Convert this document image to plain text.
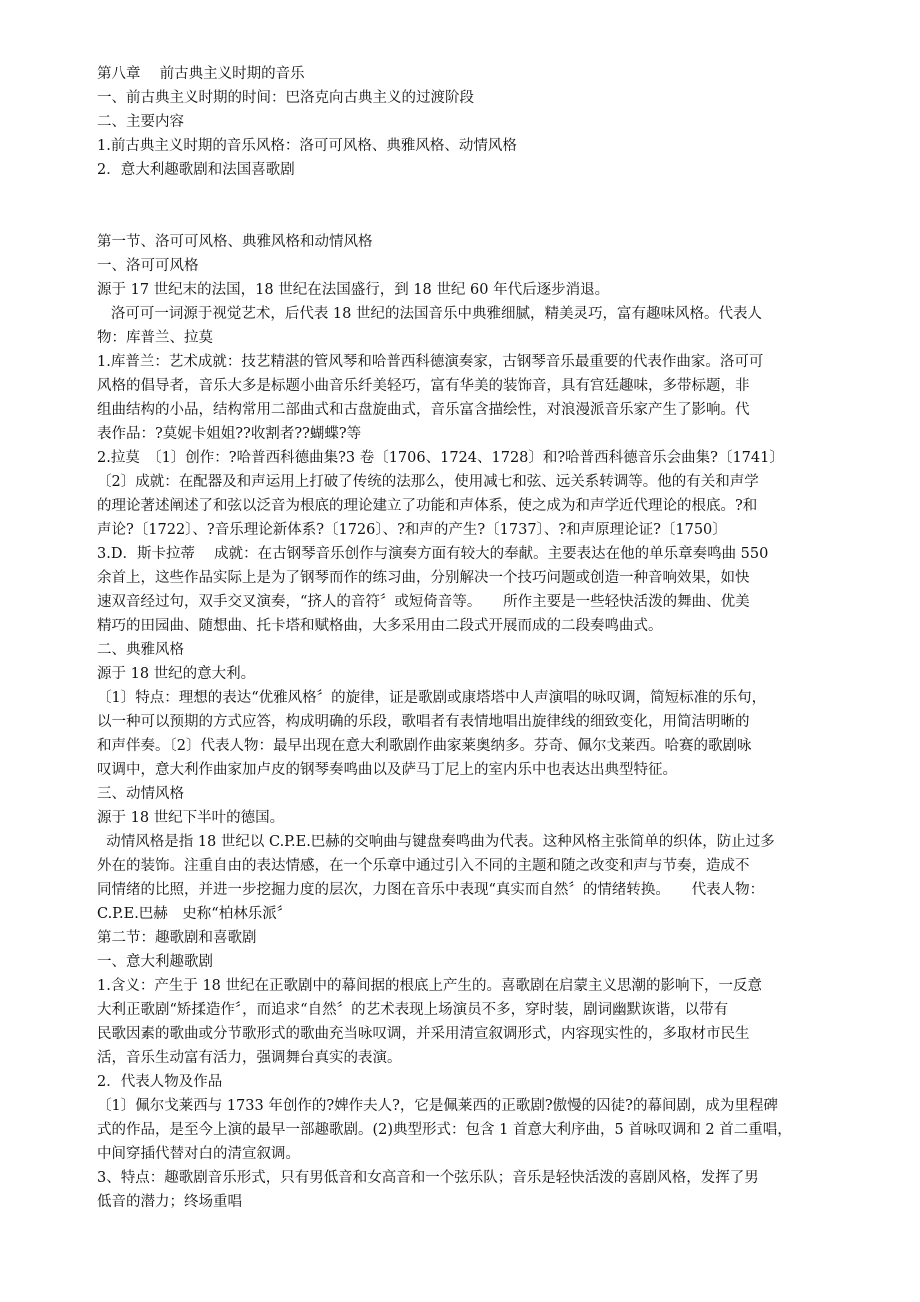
第八章　 前古典主义时期的音乐
一、前古典主义时期的时间：巴洛克向古典主义的过渡阶段
二、主要内容
1.前古典主义时期的音乐风格：洛可可风格、典雅风格、动情风格
2．意大利趣歌剧和法国喜歌剧
第一节、洛可可风格、典雅风格和动情风格
一、洛可可风格
源于 17 世纪末的法国，18 世纪在法国盛行，到 18 世纪 60 年代后逐步消退。
洛可可一词源于视觉艺术，后代表 18 世纪的法国音乐中典雅细腻，精美灵巧，富有趣味风格。代表人
物：库普兰、拉莫
1.库普兰：艺术成就：技艺精湛的管风琴和哈普西科德演奏家，古钢琴音乐最重要的代表作曲家。洛可可
风格的倡导者，音乐大多是标题小曲音乐纤美轻巧，富有华美的装饰音，具有宫廷趣味，多带标题，非
组曲结构的小品，结构常用二部曲式和古盘旋曲式，音乐富含描绘性，对浪漫派音乐家产生了影响。代
表作品：?莫妮卡姐姐??收割者??蝴蝶?等
2.拉莫　〔1〕创作：?哈普西科德曲集?3 卷〔1706、1724、1728〕和?哈普西科德音乐会曲集?〔1741〕
〔2〕成就：在配器及和声运用上打破了传统的法那么，使用减七和弦、远关系转调等。他的有关和声学
的理论著述阐述了和弦以泛音为根底的理论建立了功能和声体系，使之成为和声学近代理论的根底。?和
声论?〔1722〕、?音乐理论新体系?〔1726〕、?和声的产生?〔1737〕、?和声原理论证?〔1750〕
3.D．斯卡拉蒂　 成就：在古钢琴音乐创作与演奏方面有较大的奉献。主要表达在他的单乐章奏鸣曲 550
余首上，这些作品实际上是为了钢琴而作的练习曲，分别解决一个技巧问题或创造一种音响效果，如快
速双音经过句，双手交叉演奏，“挤人的音符〞或短倚音等。　　所作主要是一些轻快活泼的舞曲、优美
精巧的田园曲、随想曲、托卡塔和赋格曲，大多采用由二段式开展而成的二段奏鸣曲式。
二、典雅风格
源于 18 世纪的意大利。
〔1〕特点：理想的表达“优雅风格〞的旋律，证是歌剧或康塔塔中人声演唱的咏叹调，简短标准的乐句，
以一种可以预期的方式应答，构成明确的乐段，歌唱者有表情地唱出旋律线的细致变化，用简洁明晰的
和声伴奏。〔2〕代表人物：最早出现在意大利歌剧作曲家莱奥纳多。芬奇、佩尔戈莱西。哈赛的歌剧咏
叹调中，意大利作曲家加卢皮的钢琴奏鸣曲以及萨马丁尼上的室内乐中也表达出典型特征。
三、动情风格
源于 18 世纪下半叶的德国。
动情风格是指 18 世纪以 C.P.E.巴赫的交响曲与键盘奏鸣曲为代表。这种风格主张简单的织体，防止过多
外在的装饰。注重自由的表达情感，在一个乐章中通过引入不同的主题和随之改变和声与节奏，造成不
同情绪的比照，并进一步挖掘力度的层次，力图在音乐中表现“真实而自然〞的情绪转换。　　代表人物：
C.P.E.巴赫　史称“柏林乐派〞
第二节：趣歌剧和喜歌剧
一、意大利趣歌剧
1.含义：产生于 18 世纪在正歌剧中的幕间据的根底上产生的。喜歌剧在启蒙主义思潮的影响下，一反意
大利正歌剧“矫揉造作〞，而追求“自然〞的艺术表现上场演员不多，穿时装，剧词幽默诙谐，以带有
民歌因素的歌曲或分节歌形式的歌曲充当咏叹调，并采用清宣叙调形式，内容现实性的，多取材市民生
活，音乐生动富有活力，强调舞台真实的表演。
2．代表人物及作品
〔1〕佩尔戈莱西与 1733 年创作的?婢作夫人?，它是佩莱西的正歌剧?傲慢的囚徒?的幕间剧，成为里程碑
式的作品，是至今上演的最早一部趣歌剧。(2)典型形式：包含 1 首意大利序曲，5 首咏叹调和 2 首二重唱，
中间穿插代替对白的清宣叙调。
3、特点：趣歌剧音乐形式，只有男低音和女高音和一个弦乐队；音乐是轻快活泼的喜剧风格，发挥了男
低音的潜力；终场重唱
